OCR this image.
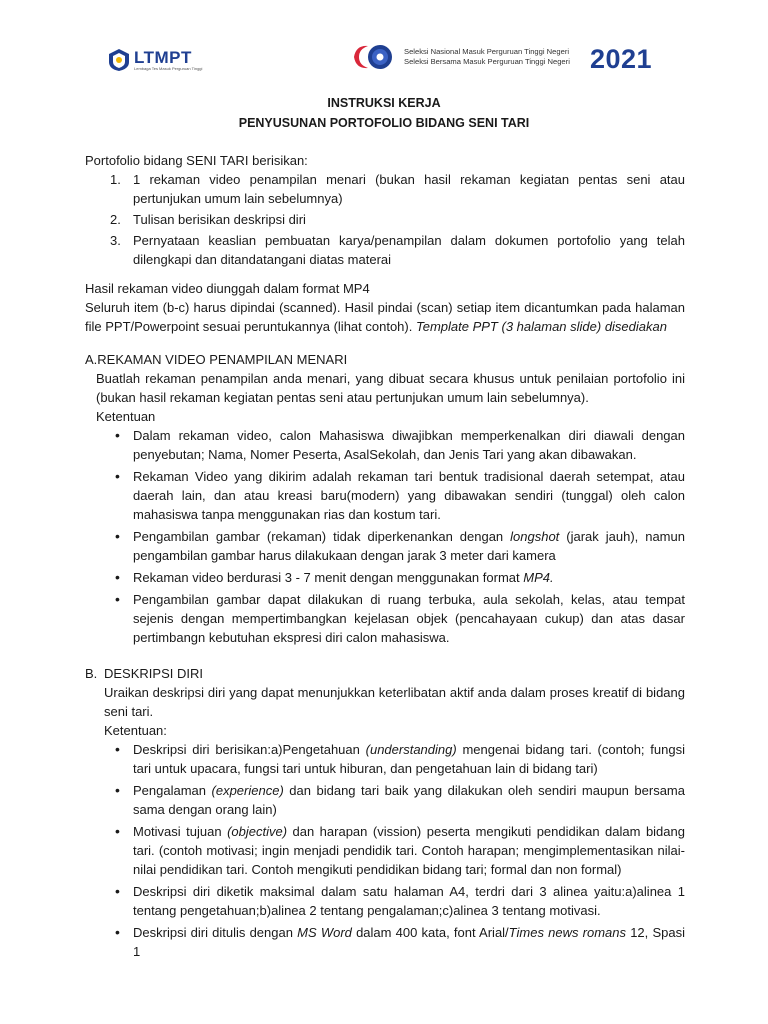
LTMPT
Lembaga Tes Masuk Perguruan Tinggi
Seleksi Nasional Masuk Perguruan Tinggi Negeri
Seleksi Bersama Masuk Perguruan Tinggi Negeri 2021
INSTRUKSI KERJA
PENYUSUNAN PORTOFOLIO BIDANG SENI TARI

Portofolio bidang SENI TARI berisikan:

1. 1 rekaman video penampilan menari (bukan hasil rekaman kegiatan pentas seni atau pertunjukan umum lain sebelumnya)
2. Tulisan berisikan deskripsi diri
3. Pernyataan keaslian pembuatan karya/penampilan dalam dokumen portofolio yang telah dilengkapi dan ditandatangani diatas materai

Hasil rekaman video diunggah dalam format MP4

Seluruh item (b-c) harus dipindai (scanned). Hasil pindai (scan) setiap item dicantumkan pada halaman file PPT/Powerpoint sesuai peruntukannya (lihat contoh). Template PPT (3 halaman slide) disediakan

A.REKAMAN VIDEO PENAMPILAN MENARI

Buatlah rekaman penampilan anda menari, yang dibuat secara khusus untuk penilaian portofolio ini (bukan hasil rekaman kegiatan pentas seni atau pertunjukan umum lain sebelumnya).

Ketentuan

• Dalam rekaman video, calon Mahasiswa diwajibkan memperkenalkan diri diawali dengan penyebutan; Nama, Nomer Peserta, AsalSekolah, dan Jenis Tari yang akan dibawakan.
• Rekaman Video yang dikirim adalah rekaman tari bentuk tradisional daerah setempat, atau daerah lain, dan atau kreasi baru(modern) yang dibawakan sendiri (tunggal) oleh calon mahasiswa tanpa menggunakan rias dan kostum tari.
• Pengambilan gambar (rekaman) tidak diperkenankan dengan longshot (jarak jauh), namun pengambilan gambar harus dilakukaan dengan jarak 3 meter dari kamera
• Rekaman video berdurasi 3 - 7 menit dengan menggunakan format MP4.
• Pengambilan gambar dapat dilakukan di ruang terbuka, aula sekolah, kelas, atau tempat sejenis dengan mempertimbangkan kejelasan objek (pencahayaan cukup) dan atas dasar pertimbangn kebutuhan ekspresi diri calon mahasiswa.

B. DESKRIPSI DIRI

Uraikan deskripsi diri yang dapat menunjukkan keterlibatan aktif anda dalam proses kreatif di bidang seni tari.

Ketentuan:

• Deskripsi diri berisikan:a)Pengetahuan (understanding) mengenai bidang tari. (contoh; fungsi tari untuk upacara, fungsi tari untuk hiburan, dan pengetahuan lain di bidang tari)
• Pengalaman (experience) dan bidang tari baik yang dilakukan oleh sendiri maupun bersama sama dengan orang lain)
• Motivasi tujuan (objective) dan harapan (vission) peserta mengikuti pendidikan dalam bidang tari. (contoh motivasi; ingin menjadi pendidik tari. Contoh harapan; mengimplementasikan nilai-nilai pendidikan tari. Contoh mengikuti pendidikan bidang tari; formal dan non formal)
• Deskripsi diri diketik maksimal dalam satu halaman A4, terdri dari 3 alinea yaitu:a)alinea 1 tentang pengetahuan;b)alinea 2 tentang pengalaman;c)alinea 3 tentang motivasi.
• Deskripsi diri ditulis dengan MS Word dalam 400 kata, font Arial/Times news romans 12, Spasi 1
